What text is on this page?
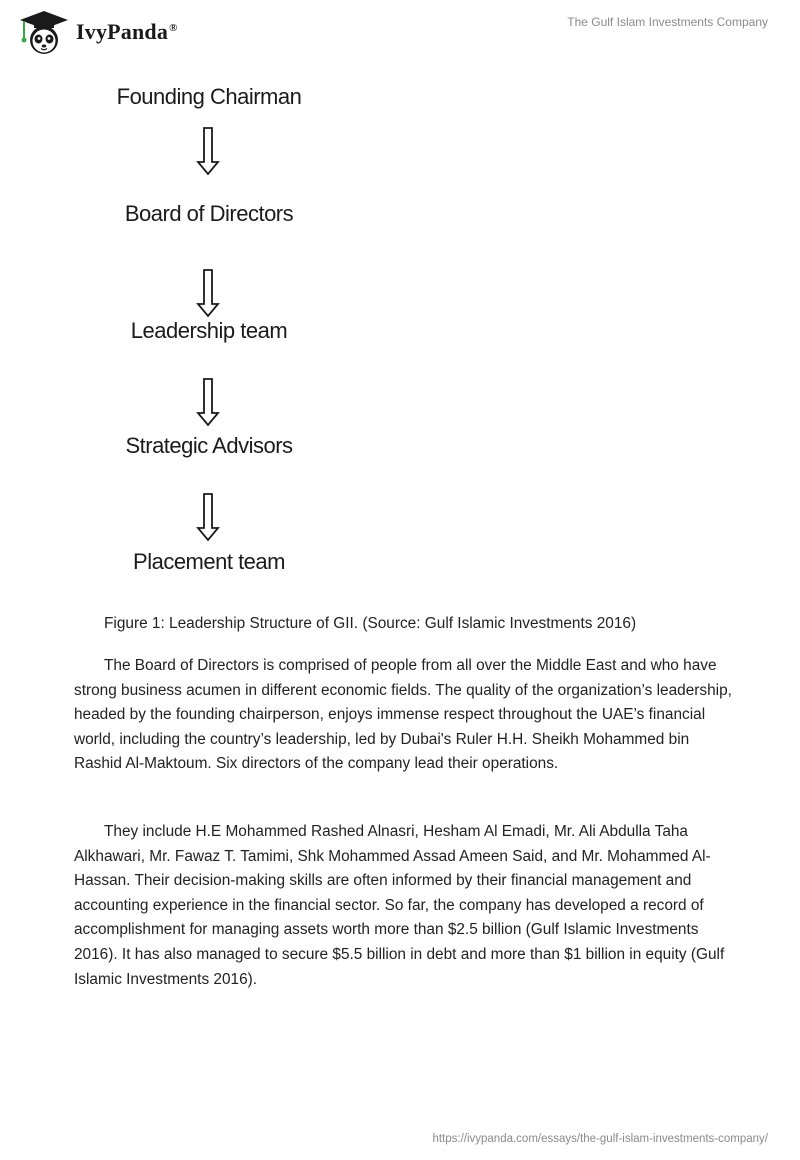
IvyPanda®	The Gulf Islam Investments Company
Founding Chairman
Board of Directors
Leadership team
Strategic Advisors
Placement team
Figure 1: Leadership Structure of GII. (Source: Gulf Islamic Investments 2016)

The Board of Directors is comprised of people from all over the Middle East and who have strong business acumen in different economic fields. The quality of the organization’s leadership, headed by the founding chairperson, enjoys immense respect throughout the UAE’s financial world, including the country’s leadership, led by Dubai's Ruler H.H. Sheikh Mohammed bin Rashid Al-Maktoum. Six directors of the company lead their operations.

They include H.E Mohammed Rashed Alnasri, Hesham Al Emadi, Mr. Ali Abdulla Taha Alkhawari, Mr. Fawaz T. Tamimi, Shk Mohammed Assad Ameen Said, and Mr. Mohammed Al-Hassan. Their decision-making skills are often informed by their financial management and accounting experience in the financial sector. So far, the company has developed a record of accomplishment for managing assets worth more than $2.5 billion (Gulf Islamic Investments 2016). It has also managed to secure $5.5 billion in debt and more than $1 billion in equity (Gulf Islamic Investments 2016).

https://ivypanda.com/essays/the-gulf-islam-investments-company/
